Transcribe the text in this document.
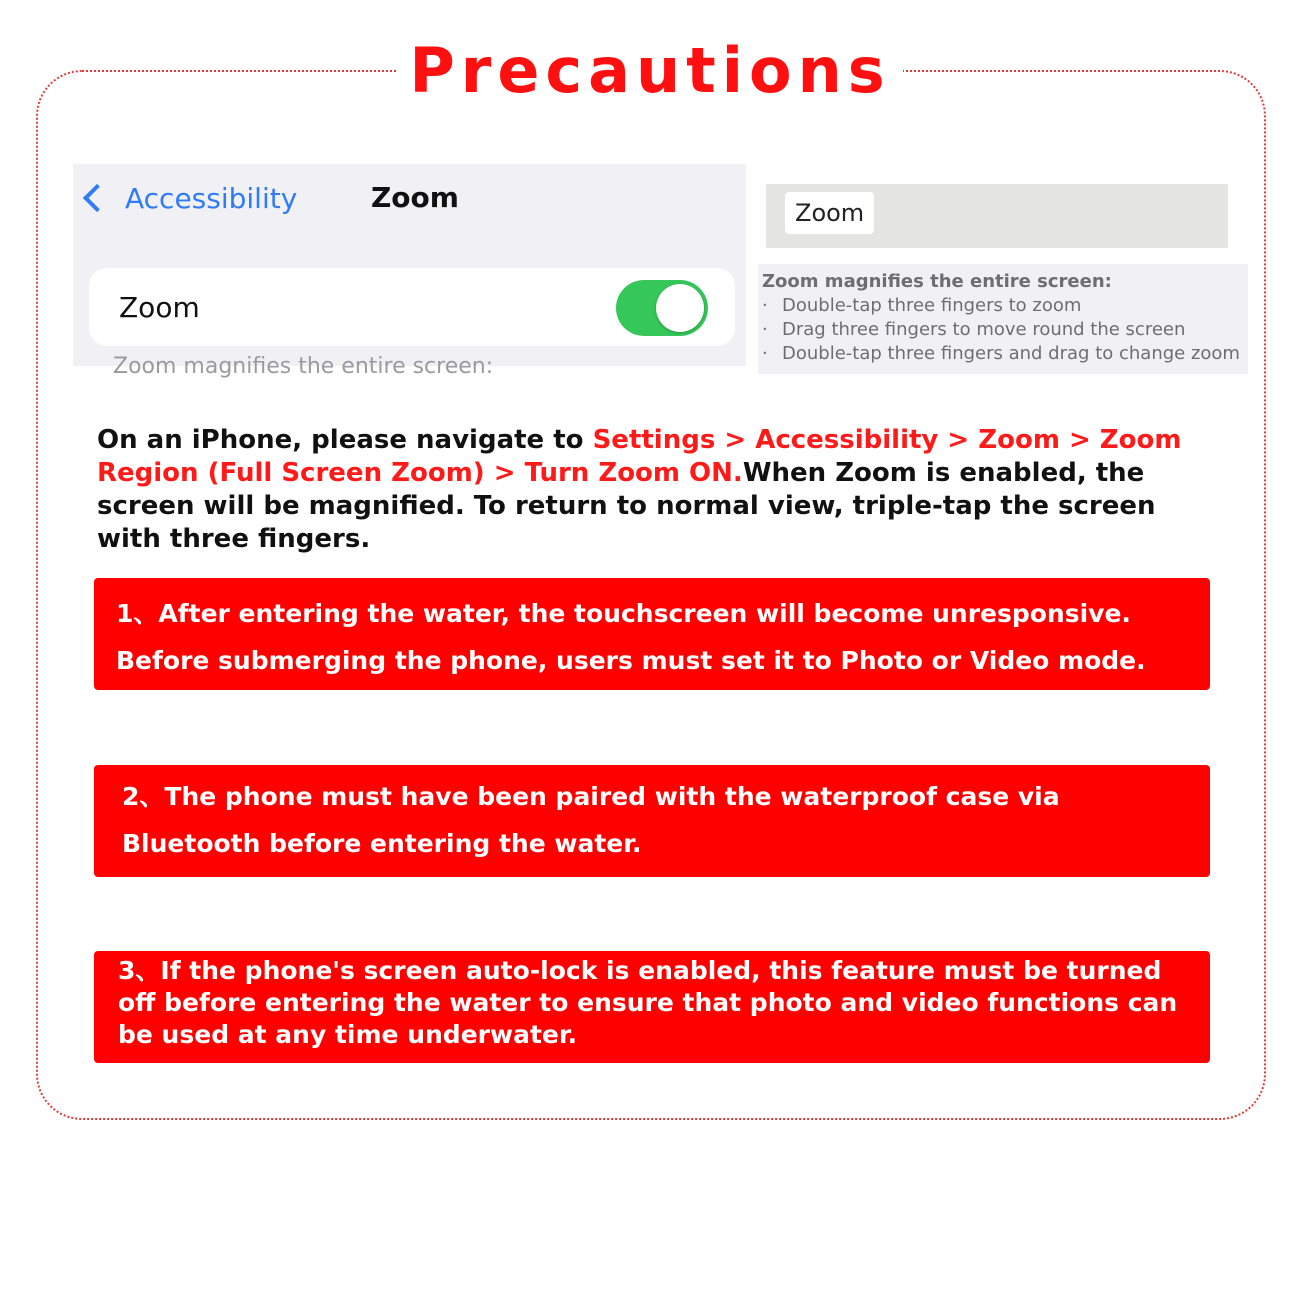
Precautions
Accessibility	Zoom
Zoom
Zoom magnifies the entire screen:
Zoom
Zoom magnifies the entire screen:
· Double-tap three fingers to zoom
· Drag three fingers to move round the screen
· Double-tap three fingers and drag to change zoom
On an iPhone, please navigate to Settings > Accessibility > Zoom > Zoom Region (Full Screen Zoom) > Turn Zoom ON.When Zoom is enabled, the screen will be magnified. To return to normal view, triple-tap the screen with three fingers.
1、After entering the water, the touchscreen will become unresponsive. Before submerging the phone, users must set it to Photo or Video mode.
2、The phone must have been paired with the waterproof case via Bluetooth before entering the water.
3、If the phone's screen auto-lock is enabled, this feature must be turned off before entering the water to ensure that photo and video functions can be used at any time underwater.
